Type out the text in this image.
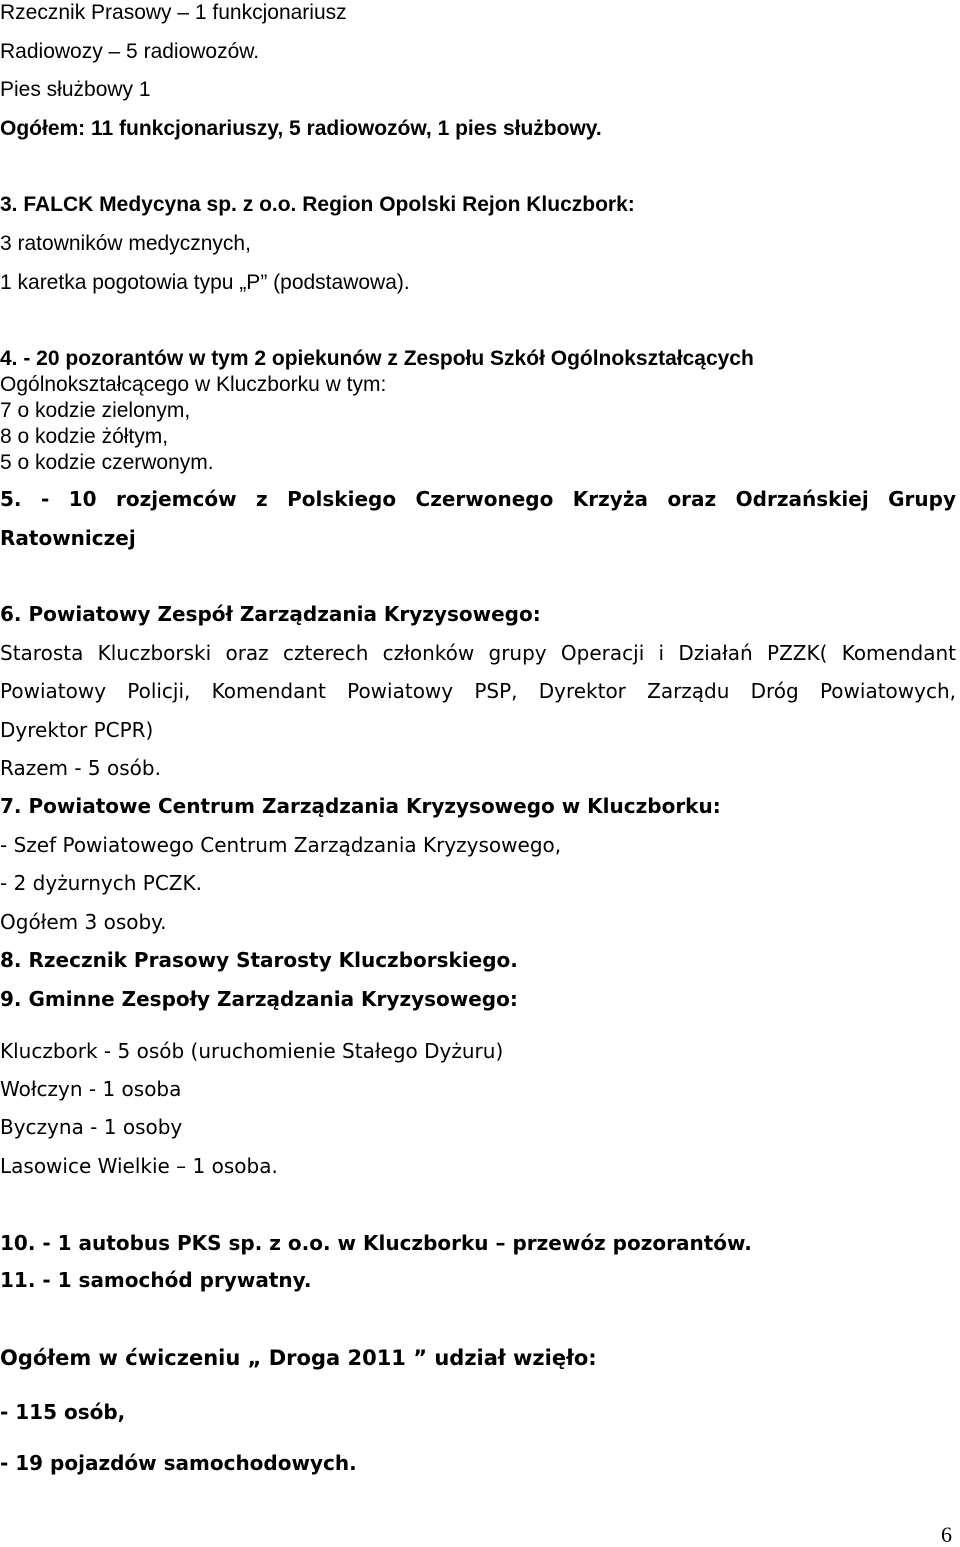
Rzecznik Prasowy – 1 funkcjonariusz
Radiowozy – 5 radiowozów.
Pies służbowy 1
Ogółem: 11 funkcjonariuszy, 5 radiowozów, 1 pies służbowy.
3. FALCK Medycyna sp. z o.o. Region Opolski Rejon Kluczbork:
3 ratowników medycznych,
1 karetka pogotowia typu „P” (podstawowa).
4. - 20 pozorantów w tym 2 opiekunów z Zespołu Szkół Ogólnokształcących
Ogólnokształcącego w Kluczborku w tym:
7 o kodzie zielonym,
8 o kodzie żółtym,
5 o kodzie czerwonym.
5. - 10 rozjemców z Polskiego Czerwonego Krzyża oraz Odrzańskiej Grupy
Ratowniczej
6. Powiatowy Zespół Zarządzania Kryzysowego:
Starosta Kluczborski oraz czterech członków grupy Operacji i Działań PZZK( Komendant
Powiatowy Policji, Komendant Powiatowy PSP, Dyrektor Zarządu Dróg Powiatowych,
Dyrektor PCPR)
Razem - 5 osób.
7. Powiatowe Centrum Zarządzania Kryzysowego w Kluczborku:
- Szef Powiatowego Centrum Zarządzania Kryzysowego,
- 2 dyżurnych PCZK.
Ogółem 3 osoby.
8. Rzecznik Prasowy Starosty Kluczborskiego.
9. Gminne Zespoły Zarządzania Kryzysowego:
Kluczbork - 5 osób (uruchomienie Stałego Dyżuru)
Wołczyn - 1 osoba
Byczyna - 1 osoby
Lasowice Wielkie – 1 osoba.
10. - 1 autobus PKS sp. z o.o. w Kluczborku – przewóz pozorantów.
11. - 1 samochód prywatny.
Ogółem w ćwiczeniu „ Droga 2011 ” udział wzięło:
- 115 osób,
- 19 pojazdów samochodowych.
6
